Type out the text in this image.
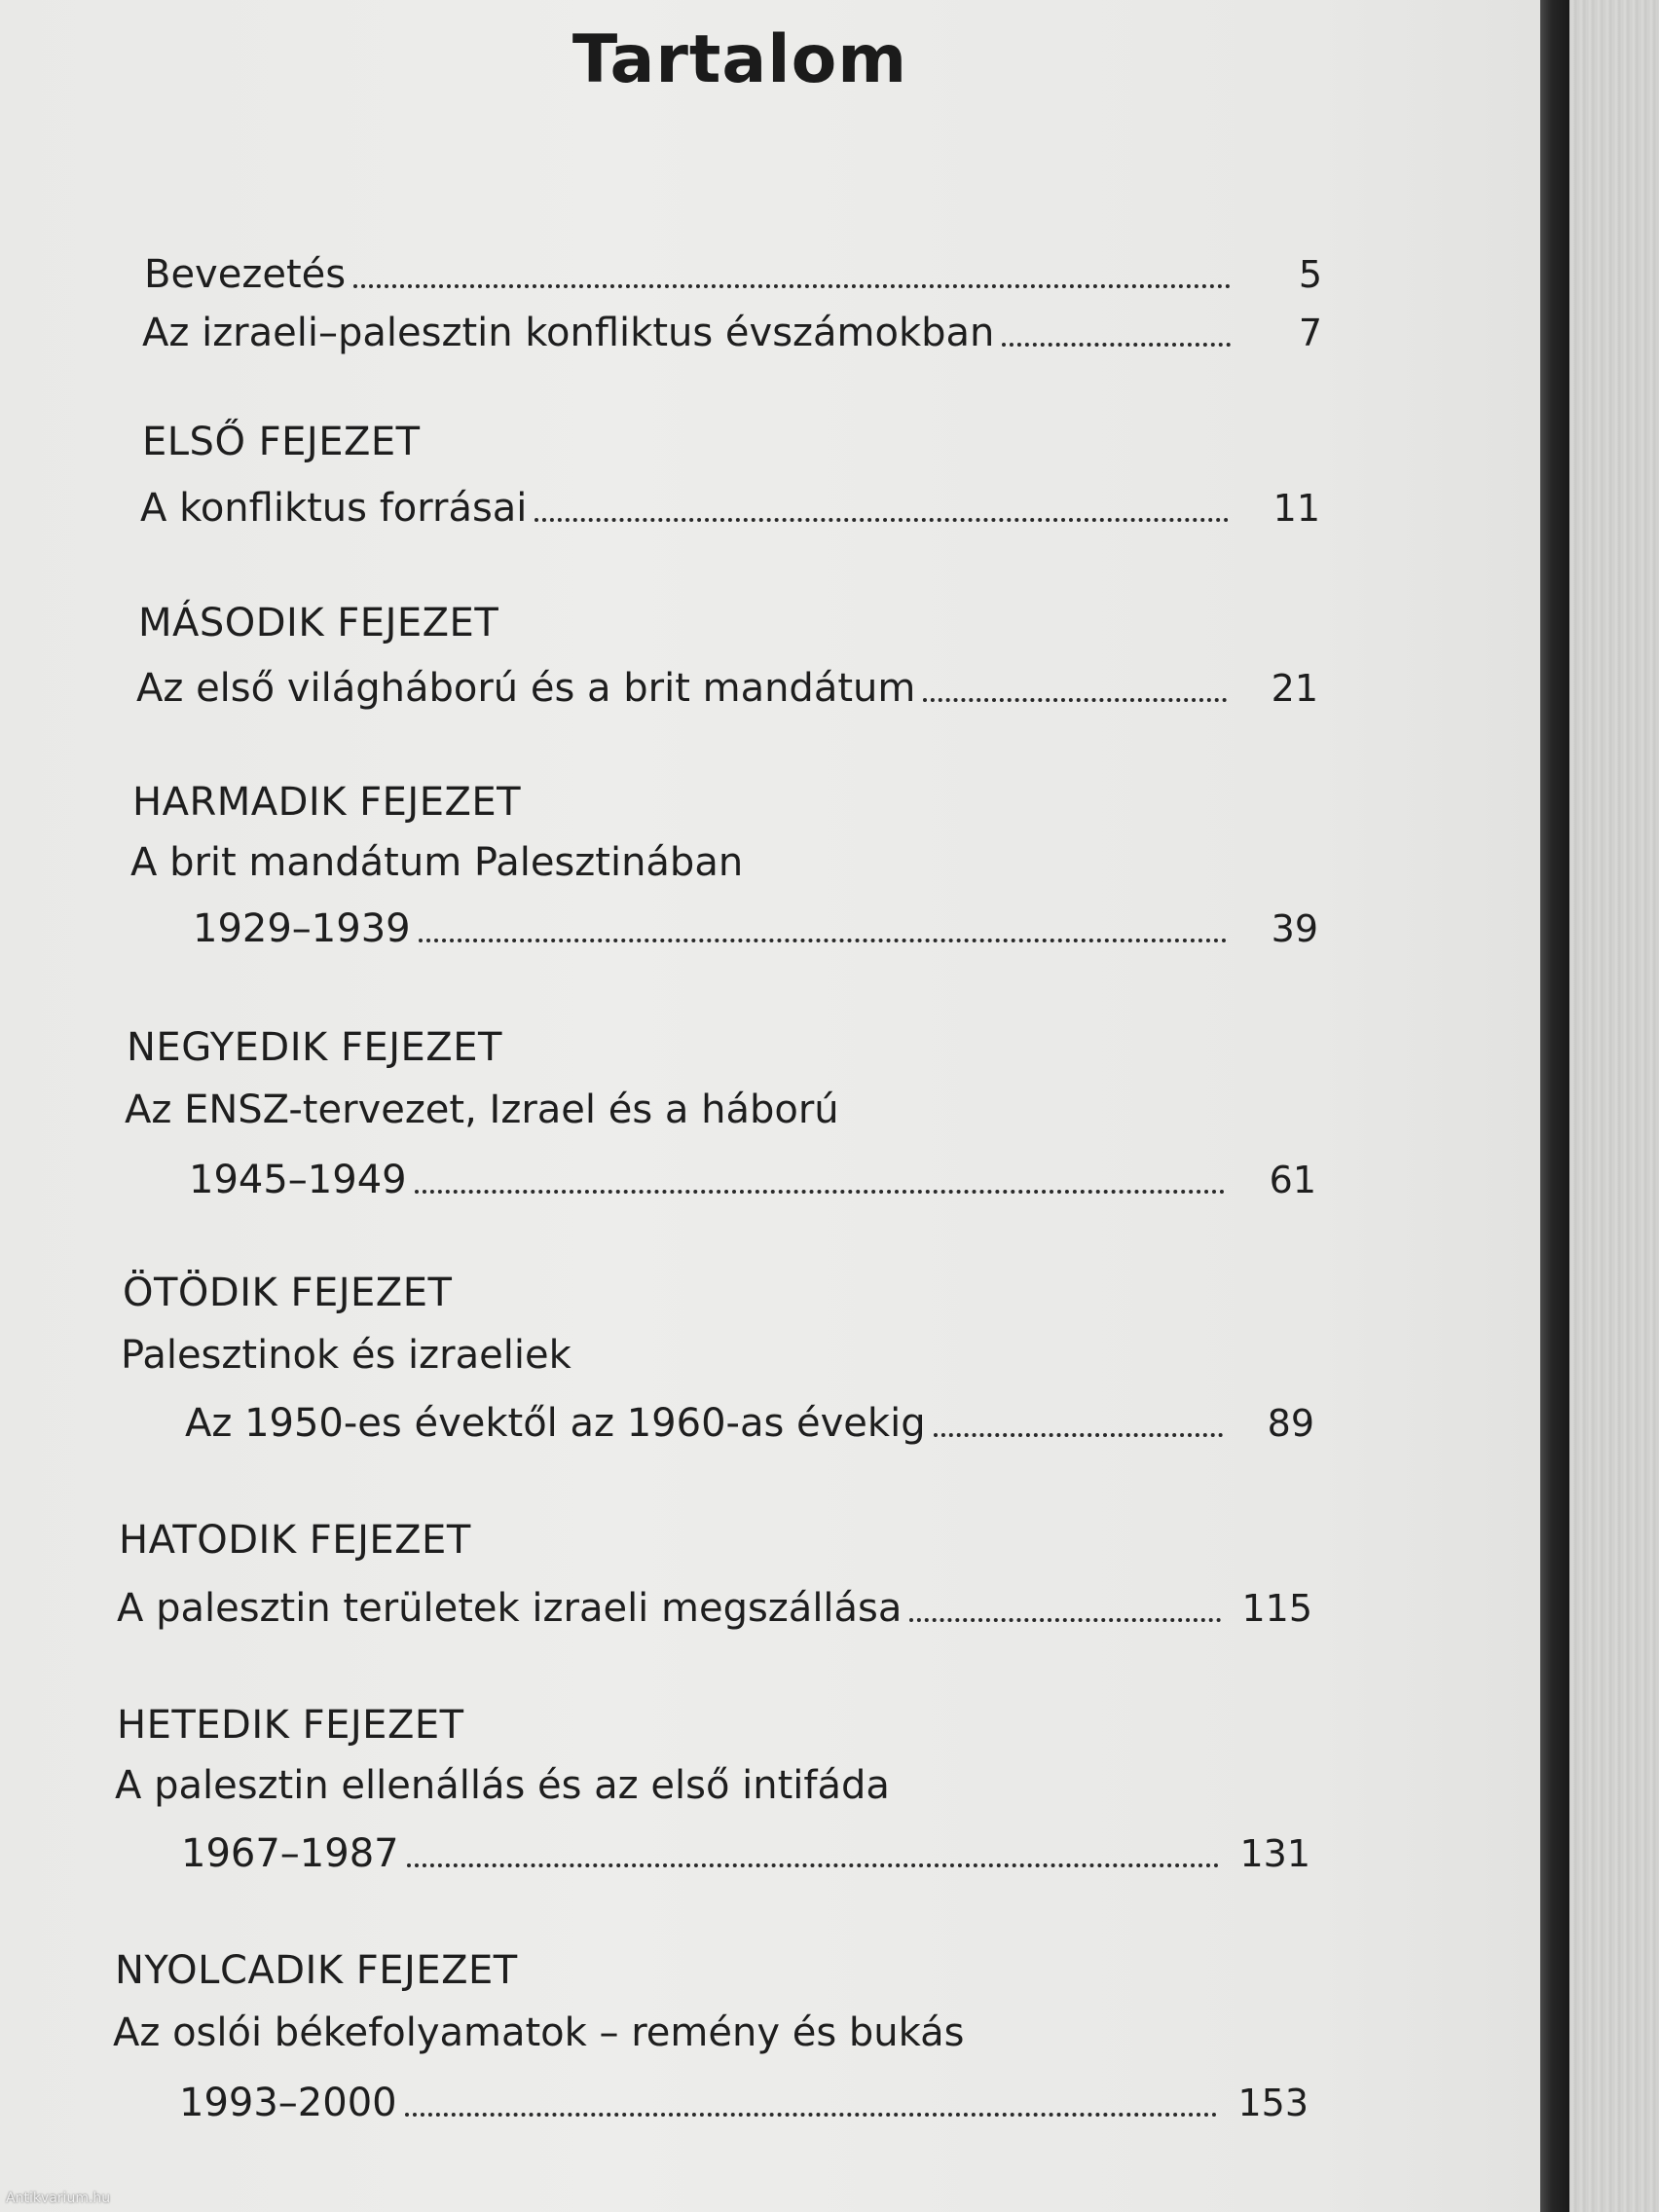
Tartalom
Bevezetés	5
Az izraeli–palesztin konfliktus évszámokban	7
ELSŐ FEJEZET
A konfliktus forrásai	11
MÁSODIK FEJEZET
Az első világháború és a brit mandátum	21
HARMADIK FEJEZET
A brit mandátum Palesztinában
1929–1939	39
NEGYEDIK FEJEZET
Az ENSZ-tervezet, Izrael és a háború
1945–1949	61
ÖTÖDIK FEJEZET
Palesztinok és izraeliek
Az 1950-es évektől az 1960-as évekig	89
HATODIK FEJEZET
A palesztin területek izraeli megszállása	115
HETEDIK FEJEZET
A palesztin ellenállás és az első intifáda
1967–1987	131
NYOLCADIK FEJEZET
Az oslói békefolyamatok – remény és bukás
1993–2000	153
Antikvarium.hu
